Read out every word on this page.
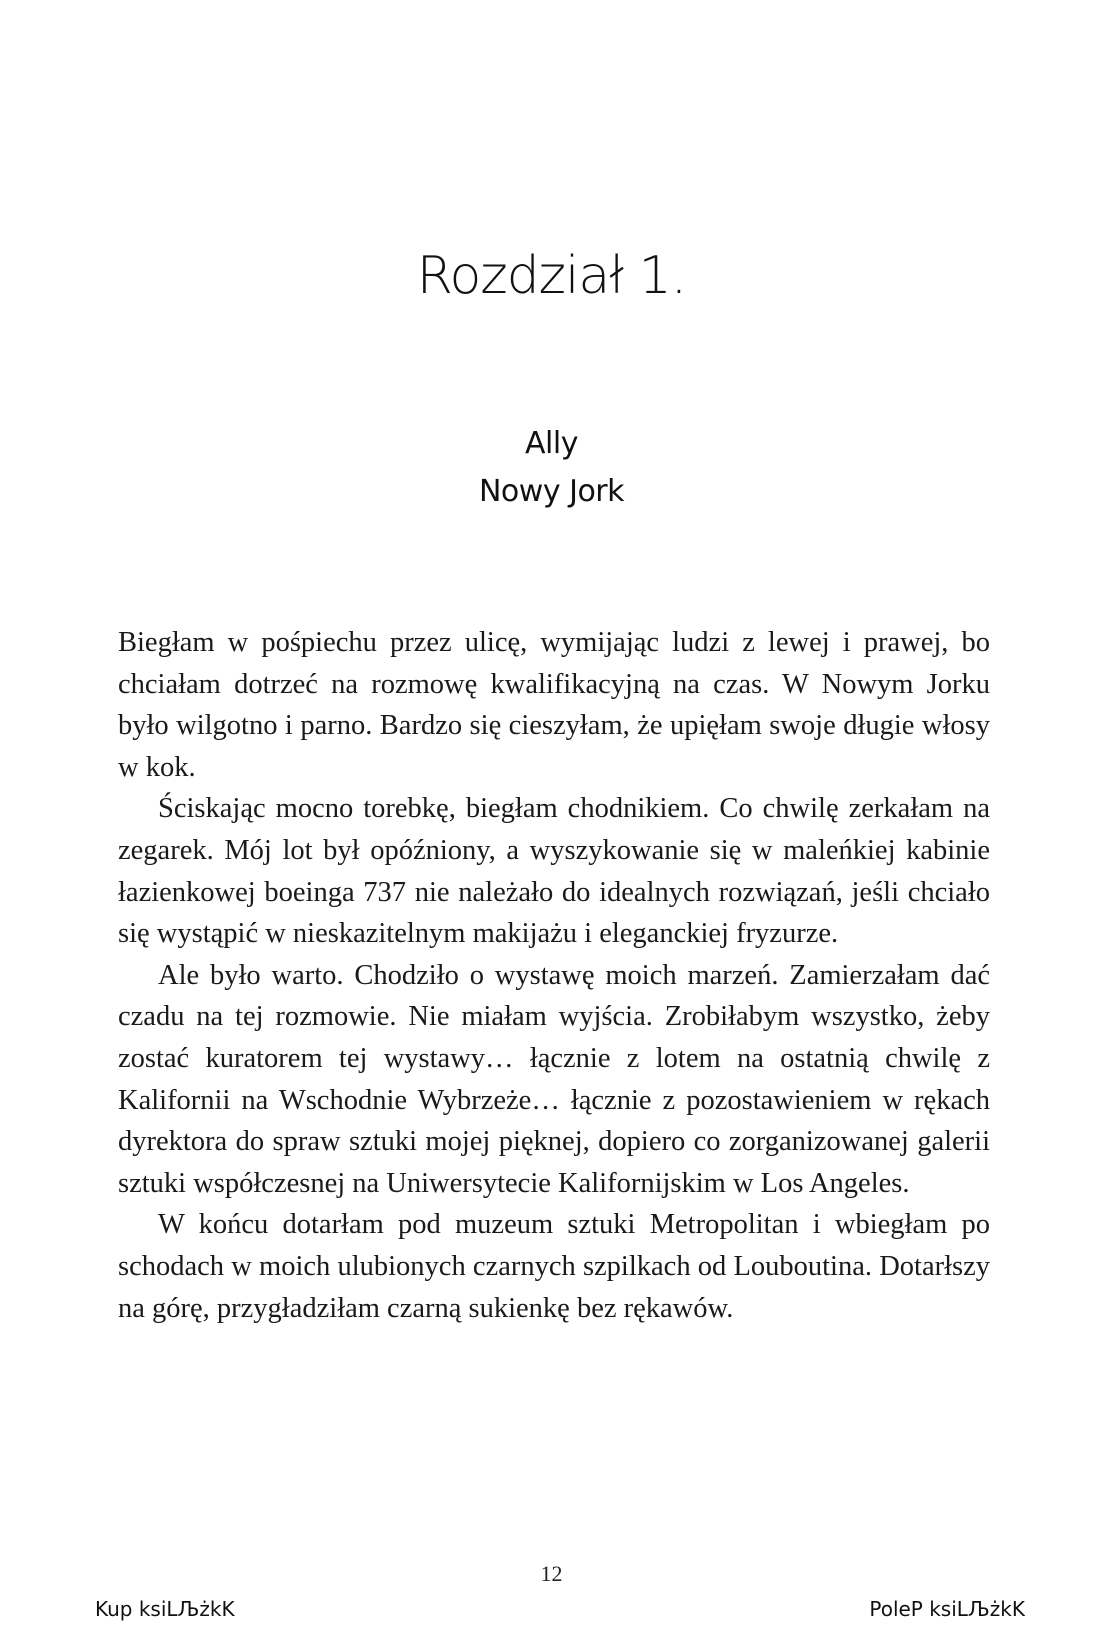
Rozdział 1.
Ally
Nowy Jork

Biegłam w pośpiechu przez ulicę, wymijając ludzi z lewej i prawej, bo chciałam dotrzeć na rozmowę kwalifikacyjną na czas. W Nowym Jorku było wilgotno i parno. Bardzo się cieszyłam, że upięłam swoje długie włosy w kok.

Ściskając mocno torebkę, biegłam chodnikiem. Co chwilę zerkałam na zegarek. Mój lot był opóźniony, a wyszykowanie się w maleńkiej kabinie łazienkowej boeinga 737 nie należało do idealnych rozwiązań, jeśli chciało się wystąpić w nieskazitelnym makijażu i eleganckiej fryzurze.

Ale było warto. Chodziło o wystawę moich marzeń. Zamierzałam dać czadu na tej rozmowie. Nie miałam wyjścia. Zrobiłabym wszystko, żeby zostać kuratorem tej wystawy… łącznie z lotem na ostatnią chwilę z Kalifornii na Wschodnie Wybrzeże… łącznie z pozostawieniem w rękach dyrektora do spraw sztuki mojej pięknej, dopiero co zorganizowanej galerii sztuki współczesnej na Uniwersytecie Kalifornijskim w Los Angeles.

W końcu dotarłam pod muzeum sztuki Metropolitan i wbiegłam po schodach w moich ulubionych czarnych szpilkach od Louboutina. Dotarłszy na górę, przygładziłam czarną sukienkę bez rękawów.

12
Kup ksiLЉżkK	PoleP ksiLЉżkK
